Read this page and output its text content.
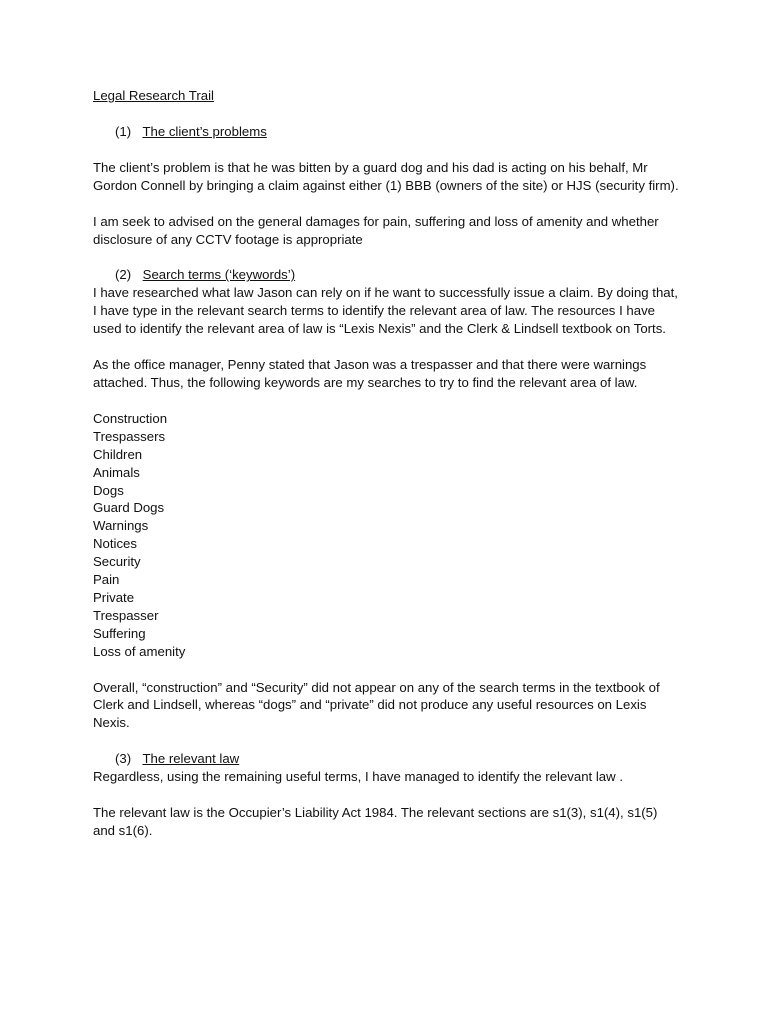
Legal Research Trail
(1) The client’s problems

The client’s problem is that he was bitten by a guard dog and his dad is acting on his behalf, Mr Gordon Connell by bringing a claim against either (1) BBB (owners of the site) or HJS (security firm).

I am seek to advised on the general damages for pain, suffering and loss of amenity and whether disclosure of any CCTV footage is appropriate

(2) Search terms (‘keywords’)

I have researched what law Jason can rely on if he want to successfully issue a claim. By doing that, I have type in the relevant search terms to identify the relevant area of law. The resources I have used to identify the relevant area of law is “Lexis Nexis” and the Clerk & Lindsell textbook on Torts.

As the office manager, Penny stated that Jason was a trespasser and that there were warnings attached. Thus, the following keywords are my searches to try to find the relevant area of law.

Construction
Trespassers
Children
Animals
Dogs
Guard Dogs
Warnings
Notices
Security
Pain
Private
Trespasser
Suffering
Loss of amenity

Overall, “construction” and “Security” did not appear on any of the search terms in the textbook of Clerk and Lindsell, whereas “dogs” and “private” did not produce any useful resources on Lexis Nexis.

(3) The relevant law

Regardless, using the remaining useful terms, I have managed to identify the relevant law .

The relevant law is the Occupier’s Liability Act 1984. The relevant sections are s1(3), s1(4), s1(5) and s1(6).
